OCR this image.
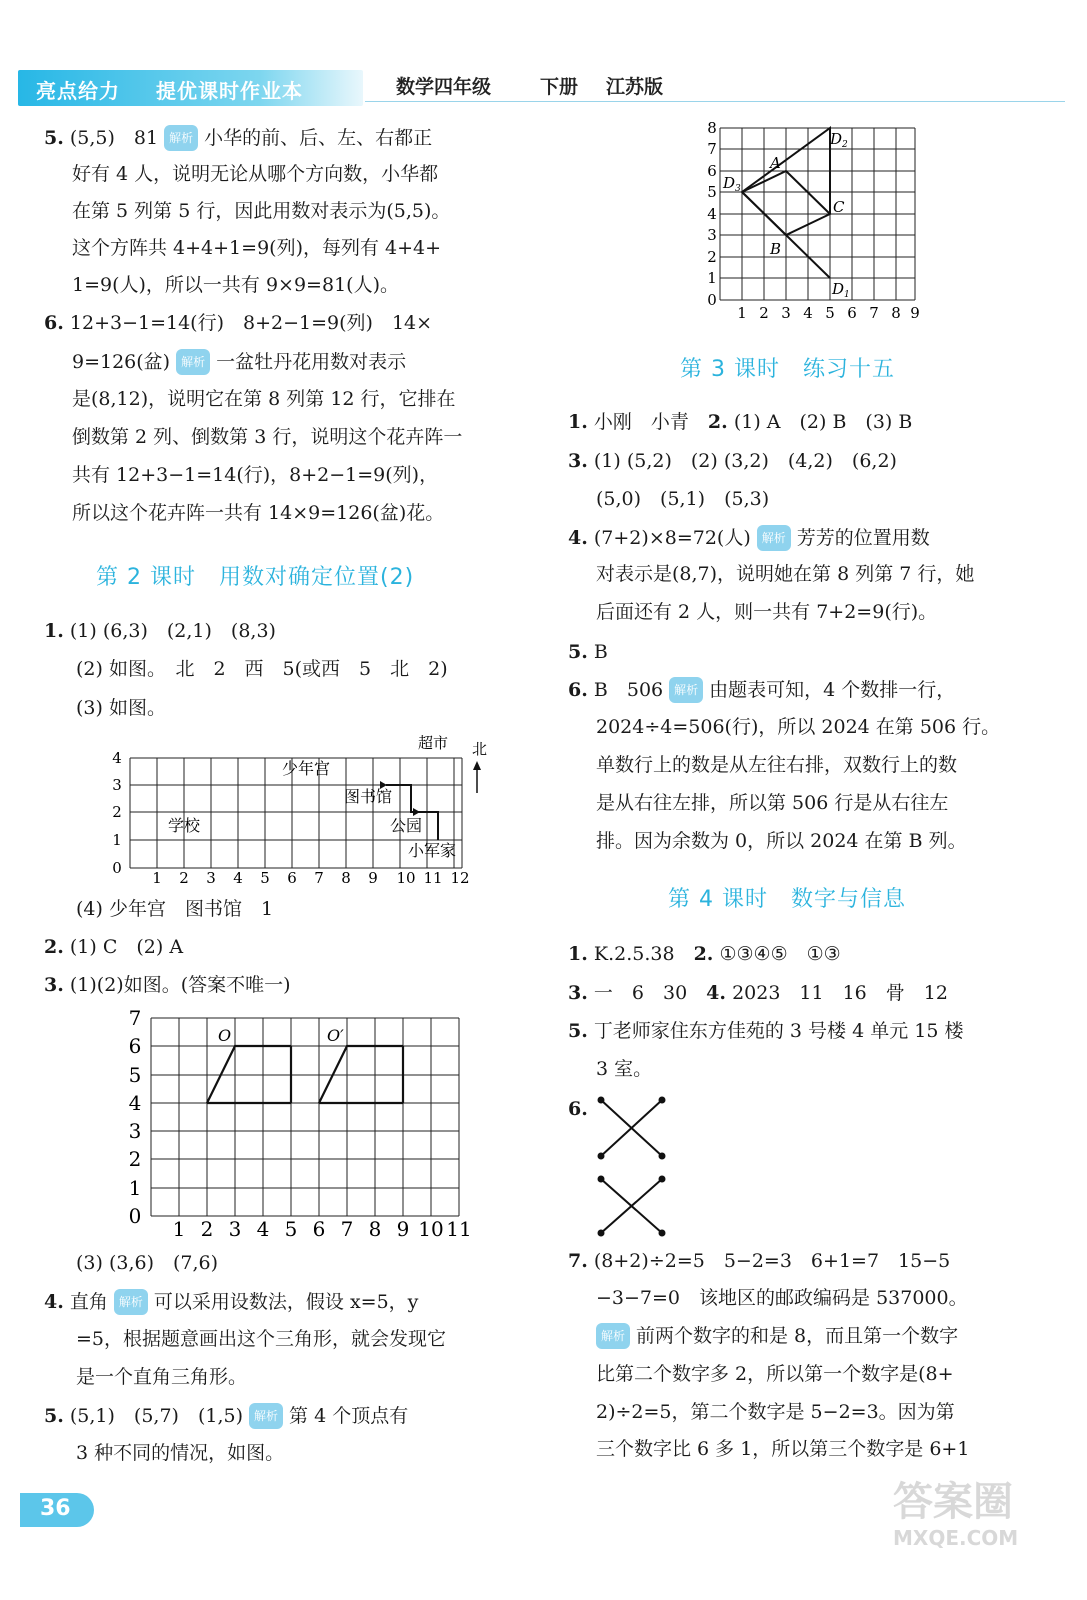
亮点给力 提优课时作业本	数学四年级	下册 江苏版
5. (5,5)　81 解析 小华的前、后、左、右都正
好有 4 人，说明无论从哪个方向数，小华都
在第 5 列第 5 行，因此用数对表示为(5,5)。
这个方阵共 4+4+1=9(列)，每列有 4+4+
1=9(人)，所以一共有 9×9=81(人)。
6. 12+3−1=14(行)　8+2−1=9(列)　14×
9=126(盆) 解析 一盆牡丹花用数对表示
是(8,12)，说明它在第 8 列第 12 行，它排在
倒数第 2 列、倒数第 3 行，说明这个花卉阵一
共有 12+3−1=14(行)，8+2−1=9(列)，
所以这个花卉阵一共有 14×9=126(盆)花。
第 2 课时　用数对确定位置(2)
1. (1) (6,3)　(2,1)　(8,3)
(2) 如图。　北　2　西　5(或西　5　北　2)
(3) 如图。
北
超市
少年宫
图书馆
学校	公园
小军家
1 2 3 4 5 6 7 8 9 10 11 12
0
1
2
3
4
(4) 少年宫　图书馆　1
2. (1) C　(2) A
3. (1)(2)如图。(答案不唯一)
O	O′
1 2 3 4 5 6 7 8 9 10 11
0
1
2
3
4
5
6
7
(3) (3,6)　(7,6)
4. 直角 解析 可以采用设数法，假设 x=5，y
=5，根据题意画出这个三角形，就会发现它
是一个直角三角形。
5. (5,1)　(5,7)　(1,5) 解析 第 4 个顶点有
3 种不同的情况，如图。
A
B
C
$D_3$
$D_2$
$D_1$
1 2 3 4 5 6 7 8 9
0
1
2
3
4
5
6
7
8
第 3 课时　练习十五
1. 小刚　小青　 2. (1) A　(2) B　(3) B
3. (1) (5,2)　(2) (3,2)　(4,2)　(6,2)
(5,0)　(5,1)　(5,3)
4. (7+2)×8=72(人) 解析 芳芳的位置用数
对表示是(8,7)，说明她在第 8 列第 7 行，她
后面还有 2 人，则一共有 7+2=9(行)。
5. B
6. B　506 解析 由题表可知，4 个数排一行，
2024÷4=506(行)，所以 2024 在第 506 行。
单数行上的数是从左往右排，双数行上的数
是从右往左排，所以第 506 行是从右往左
排。因为余数为 0，所以 2024 在第 B 列。
第 4 课时　数字与信息
1. K.2.5.38　 2. ①③④⑤　①③
3. 一　6　30　 4. 2023　11　16　骨　12
5. 丁老师家住东方佳苑的 3 号楼 4 单元 15 楼
3 室。
6.
7. (8+2)÷2=5　5−2=3　6+1=7　15−5
−3−7=0　该地区的邮政编码是 537000。
解析 前两个数字的和是 8，而且第一个数字
比第二个数字多 2，所以第一个数字是(8+
2)÷2=5，第二个数字是 5−2=3。因为第
三个数字比 6 多 1，所以第三个数字是 6+1
36	答案圈
MXQE.COM
